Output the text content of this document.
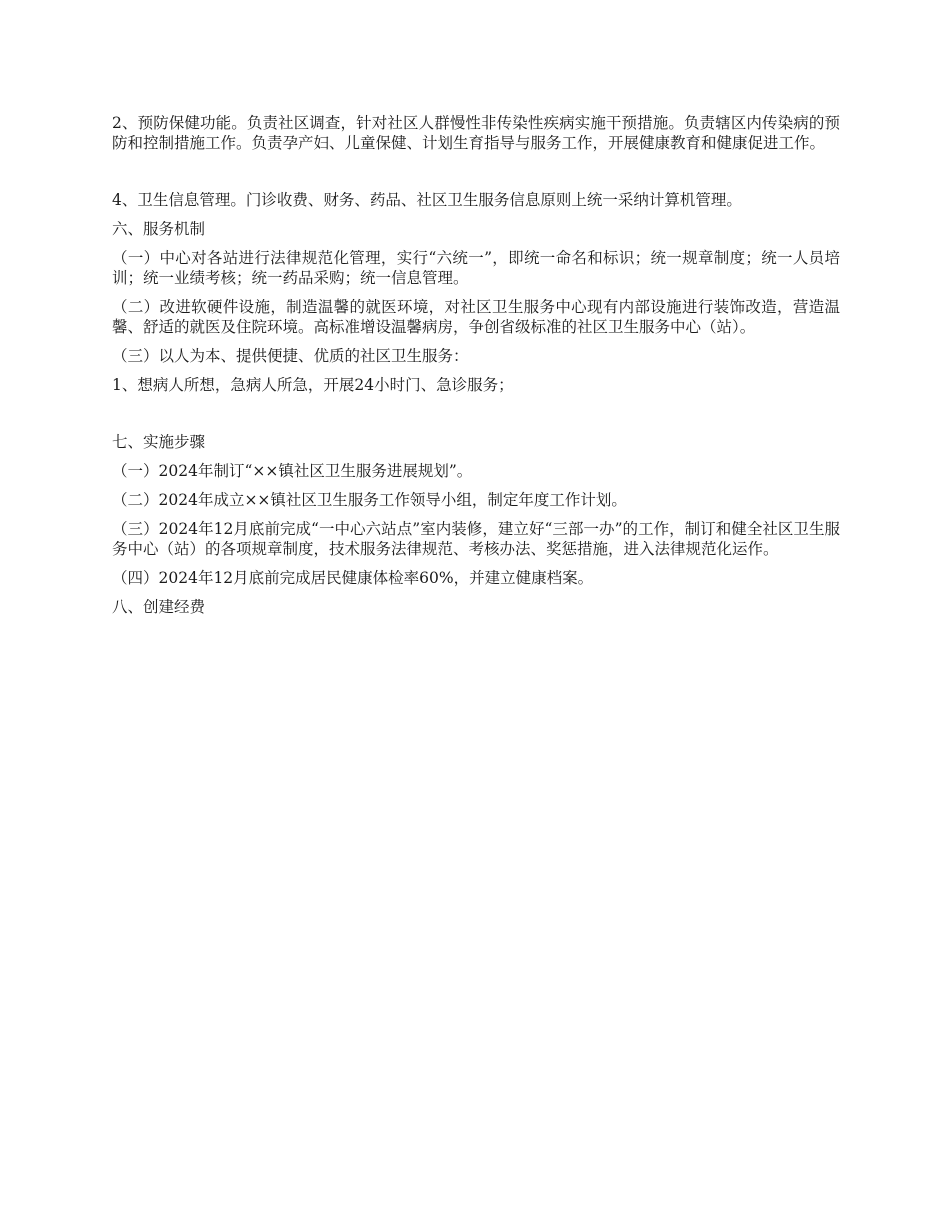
2、预防保健功能。负责社区调查，针对社区人群慢性非传染性疾病实施干预措施。负责辖区内传染病的预防和控制措施工作。负责孕产妇、儿童保健、计划生育指导与服务工作，开展健康教育和健康促进工作。

4、卫生信息管理。门诊收费、财务、药品、社区卫生服务信息原则上统一采纳计算机管理。

六、服务机制

（一）中心对各站进行法律规范化管理，实行“六统一”，即统一命名和标识；统一规章制度；统一人员培训；统一业绩考核；统一药品采购；统一信息管理。

（二）改进软硬件设施，制造温馨的就医环境，对社区卫生服务中心现有内部设施进行装饰改造，营造温馨、舒适的就医及住院环境。高标准增设温馨病房，争创省级标准的社区卫生服务中心（站）。

（三）以人为本、提供便捷、优质的社区卫生服务：

1、想病人所想，急病人所急，开展24小时门、急诊服务；

七、实施步骤

（一）2024年制订“××镇社区卫生服务进展规划”。

（二）2024年成立××镇社区卫生服务工作领导小组，制定年度工作计划。

（三）2024年12月底前完成“一中心六站点”室内装修，建立好“三部一办”的工作，制订和健全社区卫生服务中心（站）的各项规章制度，技术服务法律规范、考核办法、奖惩措施，进入法律规范化运作。

（四）2024年12月底前完成居民健康体检率60%，并建立健康档案。

八、创建经费
